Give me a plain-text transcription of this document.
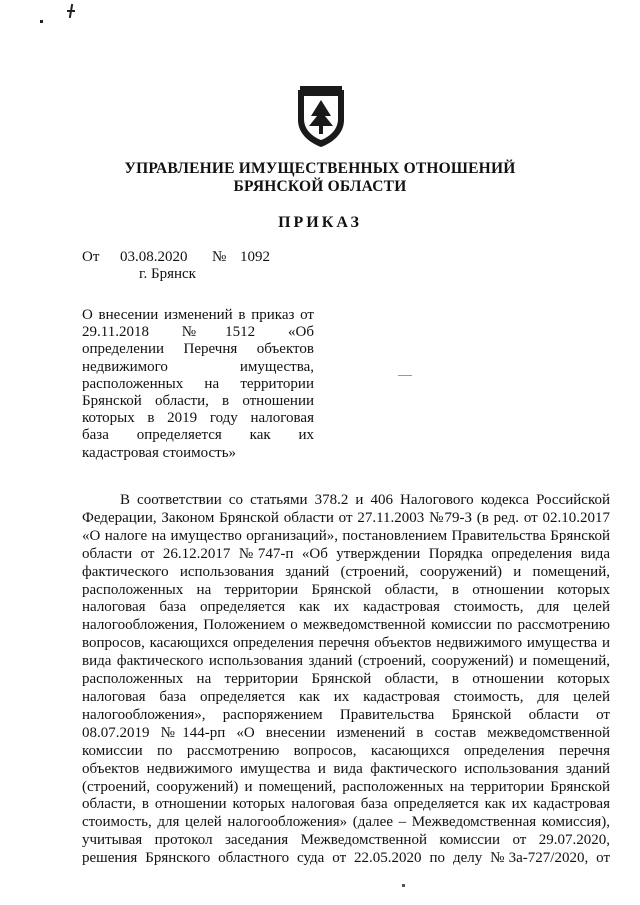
УПРАВЛЕНИЕ ИМУЩЕСТВЕННЫХ ОТНОШЕНИЙ
БРЯНСКОЙ ОБЛАСТИ
ПРИКАЗ
От 03.08.2020 № 1092
г. Брянск
О внесении изменений в приказ от
29.11.2018 №1512 «Об
определении Перечня объектов
недвижимого имущества,
расположенных на территории
Брянской области, в отношении
которых в 2019 году налоговая
база определяется как их
кадастровая стоимость»
В соответствии со статьями 378.2 и 406 Налогового кодекса Российской
Федерации, Законом Брянской области от 27.11.2003 №79-З (в ред. от 02.10.2017
«О налоге на имущество организаций», постановлением Правительства Брянской
области от 26.12.2017 №747-п «Об утверждении Порядка определения вида
фактического использования зданий (строений, сооружений) и помещений,
расположенных на территории Брянской области, в отношении которых
налоговая база определяется как их кадастровая стоимость, для целей
налогообложения, Положением о межведомственной комиссии по рассмотрению
вопросов, касающихся определения перечня объектов недвижимого имущества и
вида фактического использования зданий (строений, сооружений) и помещений,
расположенных на территории Брянской области, в отношении которых
налоговая база определяется как их кадастровая стоимость, для целей
налогообложения», распоряжением Правительства Брянской области от
08.07.2019 №144-рп «О внесении изменений в состав межведомственной
комиссии по рассмотрению вопросов, касающихся определения перечня
объектов недвижимого имущества и вида фактического использования зданий
(строений, сооружений) и помещений, расположенных на территории Брянской
области, в отношении которых налоговая база определяется как их кадастровая
стоимость, для целей налогообложения» (далее – Межведомственная комиссия),
учитывая протокол заседания Межведомственной комиссии от 29.07.2020,
решения Брянского областного суда от 22.05.2020 по делу №3а-727/2020, от
